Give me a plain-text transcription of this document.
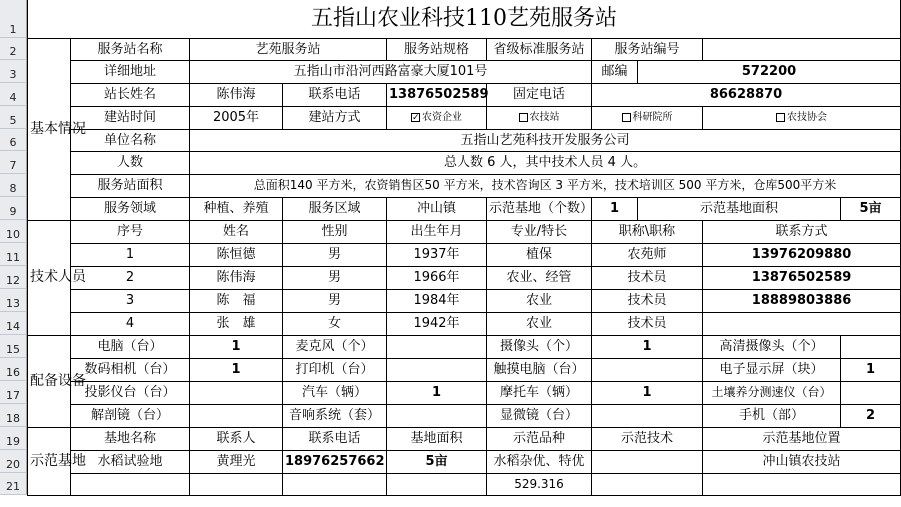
1
2
3
4
5
6
7
8
9
10
11
12
13
14
15
16
17
18
19
20
21
五指山农业科技110艺苑服务站									
基本情况	服务站名称	艺苑服务站		服务站规格	省级标准服务站	服务站编号			
	详细地址	五指山市沿河西路富豪大厦101号				邮编	572200		
	站长姓名	陈伟海	联系电话	13876502589	固定电话	86628870			
	建站时间	2005年	建站方式	✓ 农资企业	农技站	科研院所		农技协会	
	单位名称	五指山艺苑科技开发服务公司							
	人数	总人数 6 人，其中技术人员 4 人。							
	服务站面积	总面积140 平方米，农资销售区50 平方米，技术咨询区 3 平方米，技术培训区 500 平方米，仓库500平方米							
	服务领域	种植、养殖	服务区域	冲山镇	示范基地（个数）	1	示范基地面积		5亩
技术人员	序号	姓名	性别	出生年月	专业/特长	职称\职称		联系方式	
	1	陈恒德	男	1937年	植保	农苑师		13976209880	
	2	陈伟海	男	1966年	农业、经管	技术员		13876502589	
	3	陈　福	男	1984年	农业	技术员		18889803886	
	4	张　雄	女	1942年	农业	技术员			
配备设备	电脑（台）	1	麦克风（个）		摄像头（个）	1		高清摄像头（个）	
	数码相机（台）	1	打印机（台）		触摸电脑（台）			电子显示屏（块）	1
	投影仪台（台）		汽车（辆）	1	摩托车（辆）	1		土壤养分测速仪（台）	
	解剖镜（台）		音响系统（套）		显微镜（台）			手机（部）	2
示范基地	基地名称	联系人	联系电话	基地面积	示范品种	示范技术		示范基地位置	
	水稻试验地	黄理光	18976257662	5亩	水稻杂优、特优			冲山镇农技站	
					529.316				
